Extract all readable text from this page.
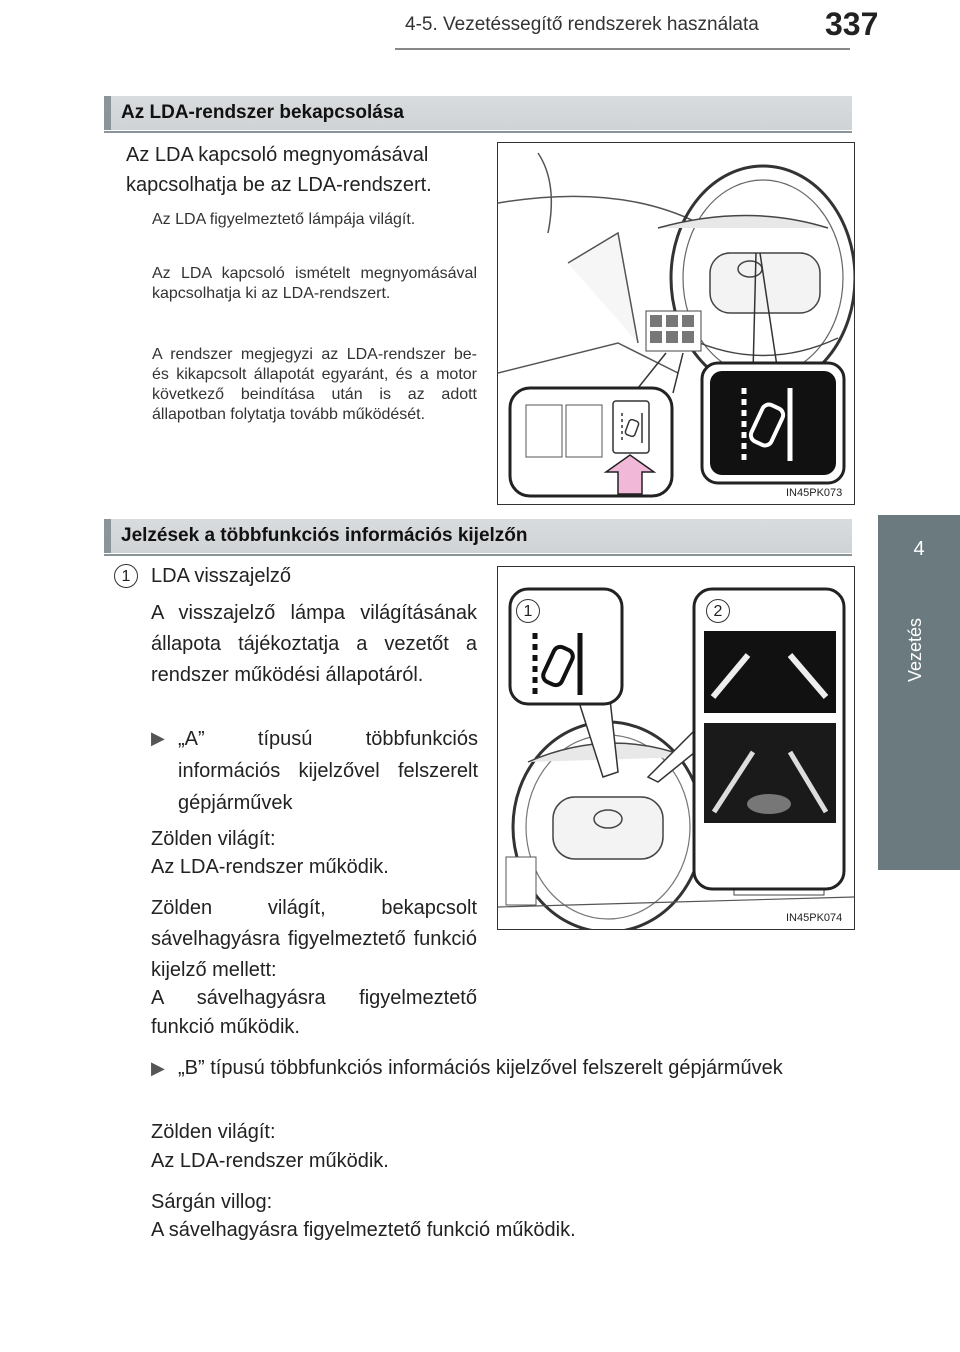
4-5. Vezetéssegítő rendszerek használata 337
4
Vezetés
Az LDA-rendszer bekapcsolása
Az LDA kapcsoló megnyomásával kapcsolhatja be az LDA-rendszert.
Az LDA figyelmeztető lámpája világít.
Az LDA kapcsoló ismételt megnyomásával kapcsolhatja ki az LDA-rendszert.
A rendszer megjegyzi az LDA-rendszer be- és kikapcsolt állapotát egyaránt, és a motor következő beindítása után is az adott állapotban folytatja tovább működését.
IN45PK073
Jelzések a többfunkciós információs kijelzőn
1	LDA visszajelző
A visszajelző lámpa világításának állapota tájékoztatja a vezetőt a rendszer működési állapotáról.
▶ „A” típusú többfunkciós információs kijelzővel felszerelt gépjárművek
Zölden világít:
Az LDA-rendszer működik.
Zölden világít, bekapcsolt sávelhagyásra figyelmeztető funkció kijelző mellett:
A sávelhagyásra figyelmeztető funkció működik.
▶ „B” típusú többfunkciós információs kijelzővel felszerelt gépjárművek
Zölden világít:
Az LDA-rendszer működik.
Sárgán villog:
A sávelhagyásra figyelmeztető funkció működik.
1	2
IN45PK074
